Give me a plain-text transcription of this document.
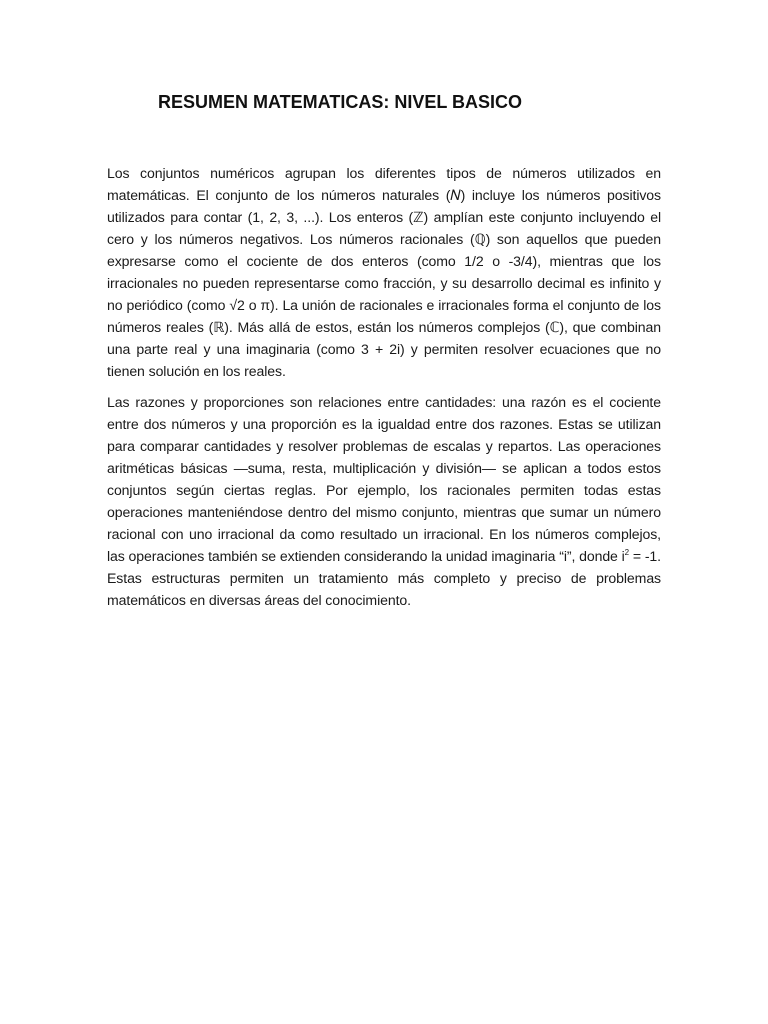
RESUMEN MATEMATICAS: NIVEL BASICO

Los conjuntos numéricos agrupan los diferentes tipos de números utilizados en matemáticas. El conjunto de los números naturales (𝑁) incluye los números positivos utilizados para contar (1, 2, 3, ...). Los enteros (ℤ) amplían este conjunto incluyendo el cero y los números negativos. Los números racionales (ℚ) son aquellos que pueden expresarse como el cociente de dos enteros (como 1/2 o -3/4), mientras que los irracionales no pueden representarse como fracción, y su desarrollo decimal es infinito y no periódico (como √2 o π). La unión de racionales e irracionales forma el conjunto de los números reales (ℝ). Más allá de estos, están los números complejos (ℂ), que combinan una parte real y una imaginaria (como 3 + 2i) y permiten resolver ecuaciones que no tienen solución en los reales.

Las razones y proporciones son relaciones entre cantidades: una razón es el cociente entre dos números y una proporción es la igualdad entre dos razones. Estas se utilizan para comparar cantidades y resolver problemas de escalas y repartos. Las operaciones aritméticas básicas —suma, resta, multiplicación y división— se aplican a todos estos conjuntos según ciertas reglas. Por ejemplo, los racionales permiten todas estas operaciones manteniéndose dentro del mismo conjunto, mientras que sumar un número racional con uno irracional da como resultado un irracional. En los números complejos, las operaciones también se extienden considerando la unidad imaginaria “i”, donde $i^2 = -1$. Estas estructuras permiten un tratamiento más completo y preciso de problemas matemáticos en diversas áreas del conocimiento.
